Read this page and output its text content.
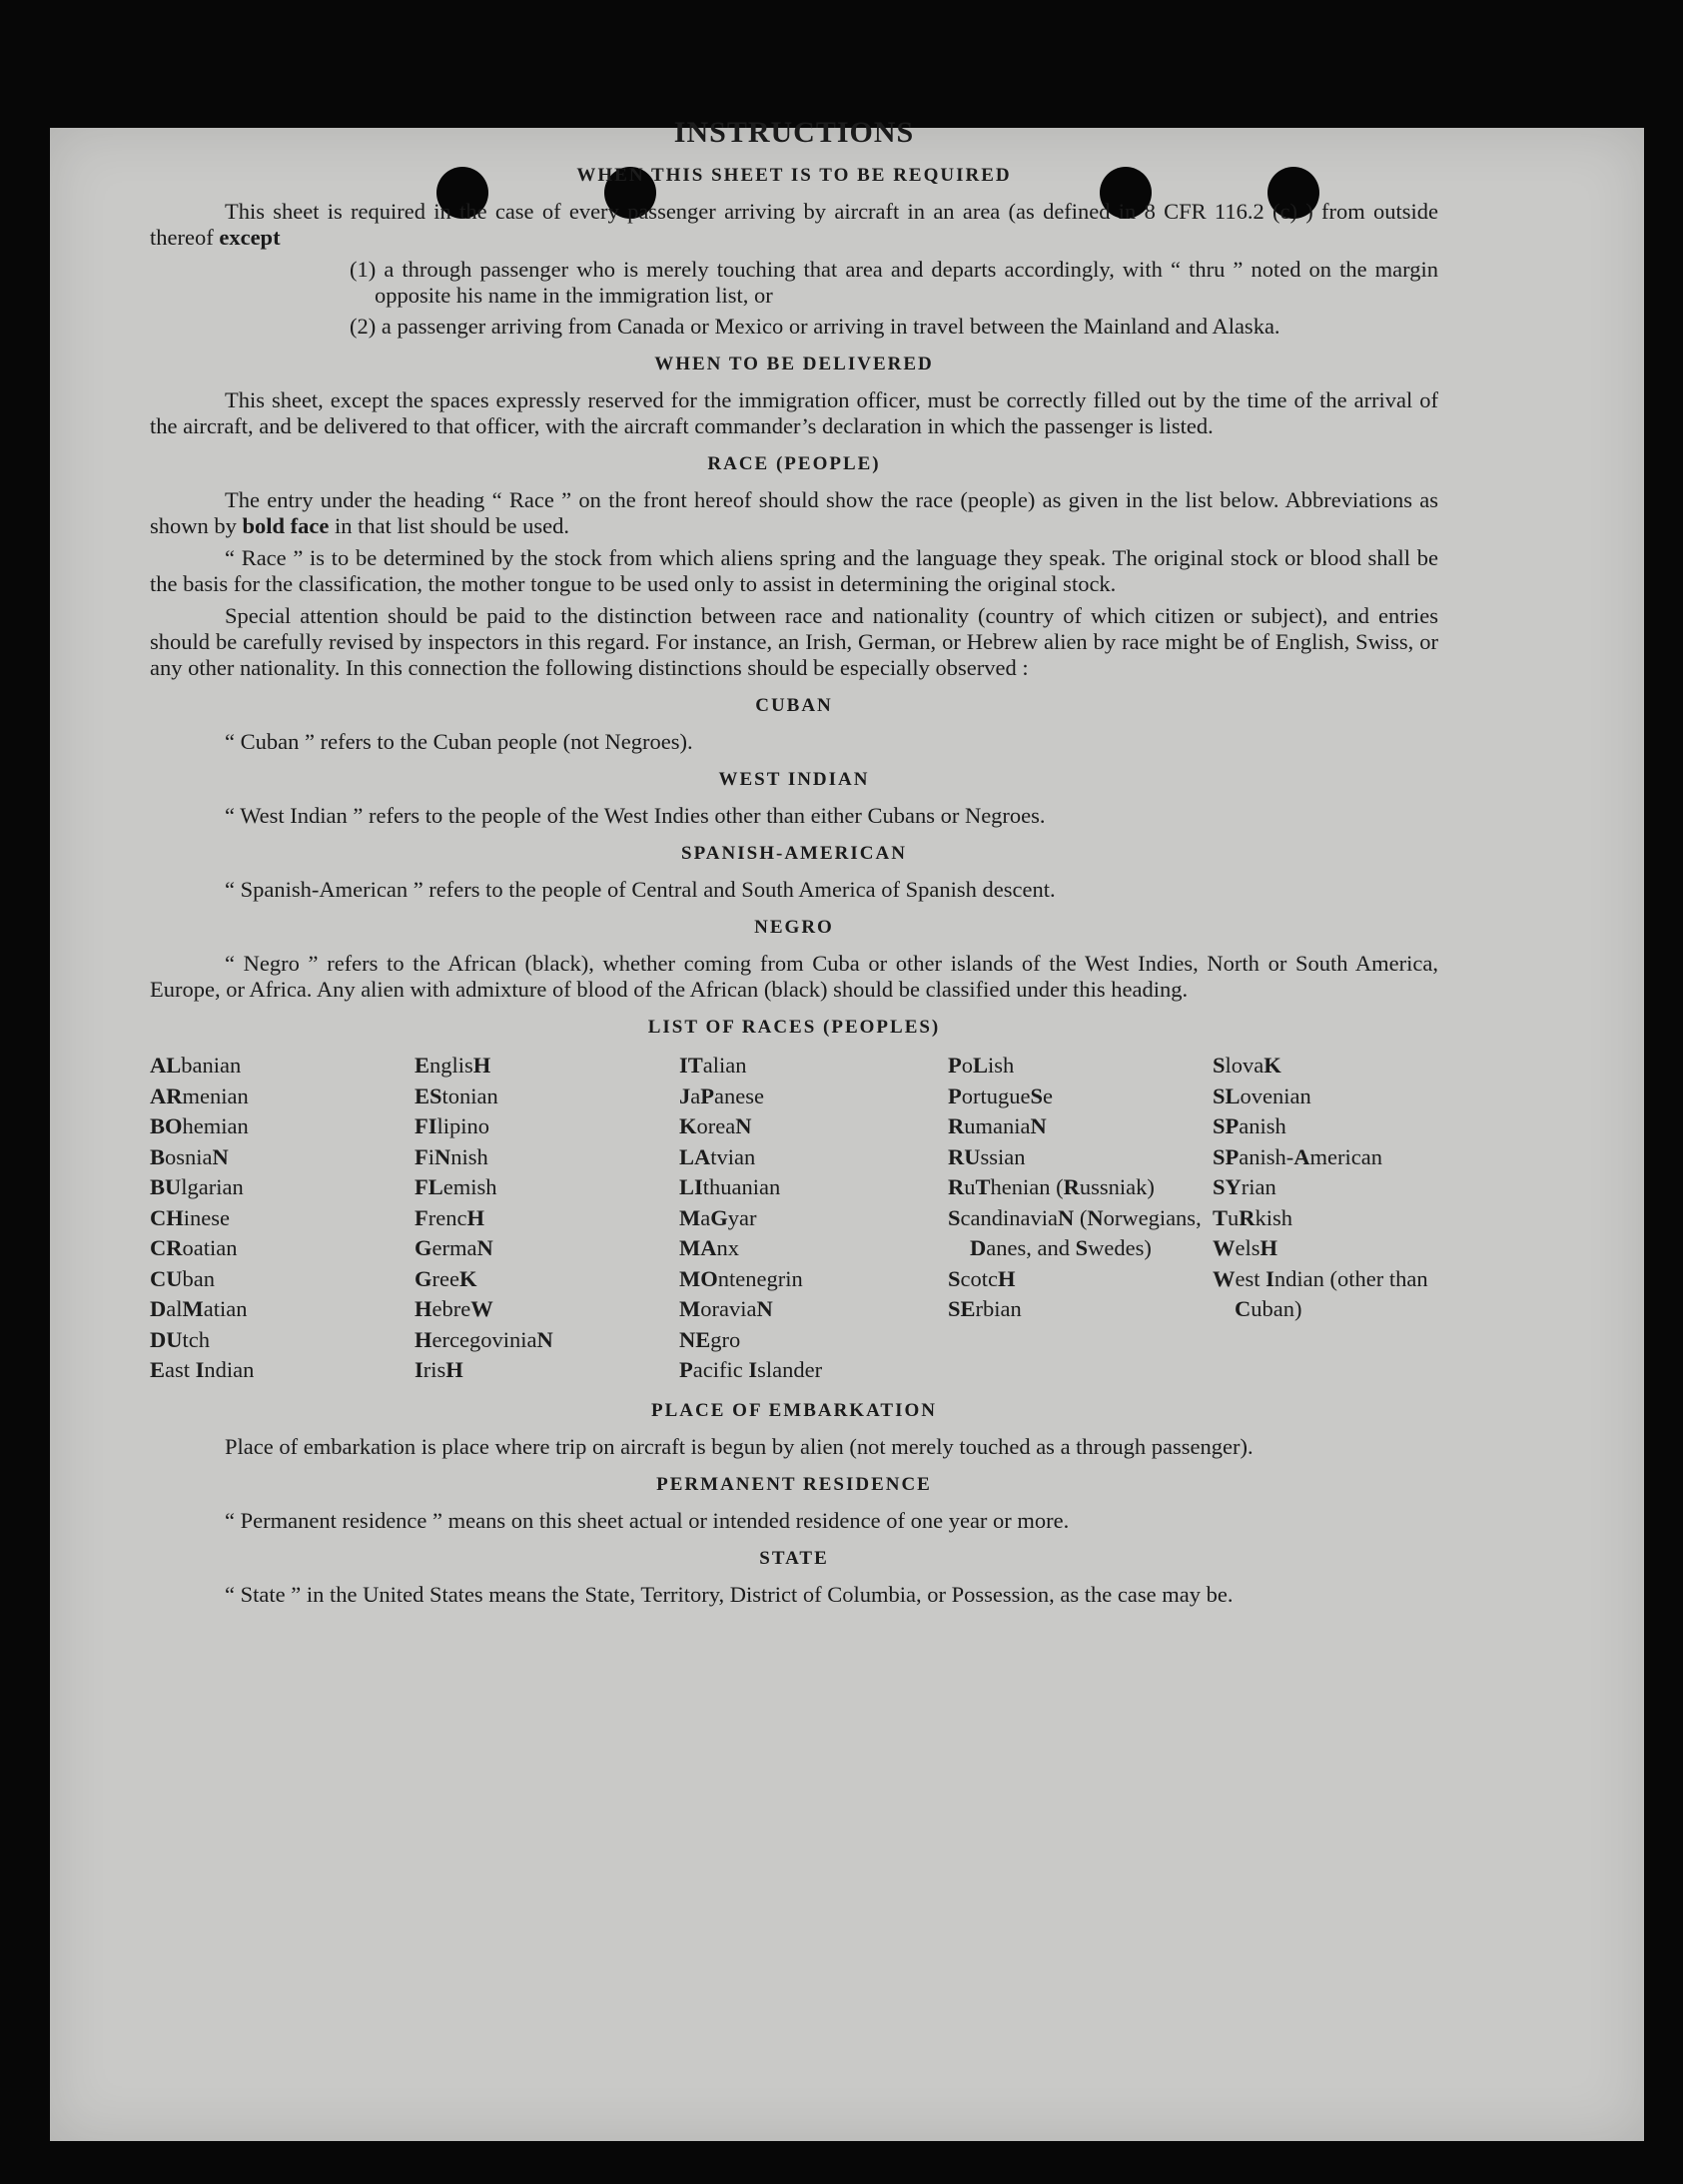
INSTRUCTIONS
WHEN THIS SHEET IS TO BE REQUIRED
This sheet is required in the case of every passenger arriving by aircraft in an area (as defined in 8 CFR 116.2 (c) ) from outside thereof except
(1) a through passenger who is merely touching that area and departs accordingly, with “ thru ” noted on the margin opposite his name in the immigration list, or
(2) a passenger arriving from Canada or Mexico or arriving in travel between the Mainland and Alaska.
WHEN TO BE DELIVERED
This sheet, except the spaces expressly reserved for the immigration officer, must be correctly filled out by the time of the arrival of the aircraft, and be delivered to that officer, with the aircraft commander’s declaration in which the passenger is listed.
RACE (PEOPLE)
The entry under the heading “ Race ” on the front hereof should show the race (people) as given in the list below. Abbreviations as shown by bold face in that list should be used.
“ Race ” is to be determined by the stock from which aliens spring and the language they speak. The original stock or blood shall be the basis for the classification, the mother tongue to be used only to assist in determining the original stock.
Special attention should be paid to the distinction between race and nationality (country of which citizen or subject), and entries should be carefully revised by inspectors in this regard. For instance, an Irish, German, or Hebrew alien by race might be of English, Swiss, or any other nationality. In this connection the following distinctions should be especially observed :
CUBAN
“ Cuban ” refers to the Cuban people (not Negroes).
WEST INDIAN
“ West Indian ” refers to the people of the West Indies other than either Cubans or Negroes.
SPANISH-AMERICAN
“ Spanish-American ” refers to the people of Central and South America of Spanish descent.
NEGRO
“ Negro ” refers to the African (black), whether coming from Cuba or other islands of the West Indies, North or South America, Europe, or Africa. Any alien with admixture of blood of the African (black) should be classified under this heading.
LIST OF RACES (PEOPLES)
ALbanian
ARmenian
BOhemian
BosniaN
BUlgarian
CHinese
CRoatian
CUban
DalMatian
DUtch
East Indian
EnglisH
EStonian
FIlipino
FiNnish
FLemish
FrencH
GermaN
GreeK
HebreW
HercegoviniaN
IrisH
ITalian
JaPanese
KoreaN
LAtvian
LIthuanian
MaGyar
MAnx
MOntenegrin
MoraviaN
NEgro
Pacific Islander
PoLish
PortugueSe
RumaniaN
RUssian
RuThenian (Russniak)
ScandinaviaN (Norwegians, Danes, and Swedes)
ScotcH
SErbian
SlovaK
SLovenian
SPanish
SPanish-American
SYrian
TuRkish
WelsH
West Indian (other than Cuban)
PLACE OF EMBARKATION
Place of embarkation is place where trip on aircraft is begun by alien (not merely touched as a through passenger).
PERMANENT RESIDENCE
“ Permanent residence ” means on this sheet actual or intended residence of one year or more.
STATE
“ State ” in the United States means the State, Territory, District of Columbia, or Possession, as the case may be.
